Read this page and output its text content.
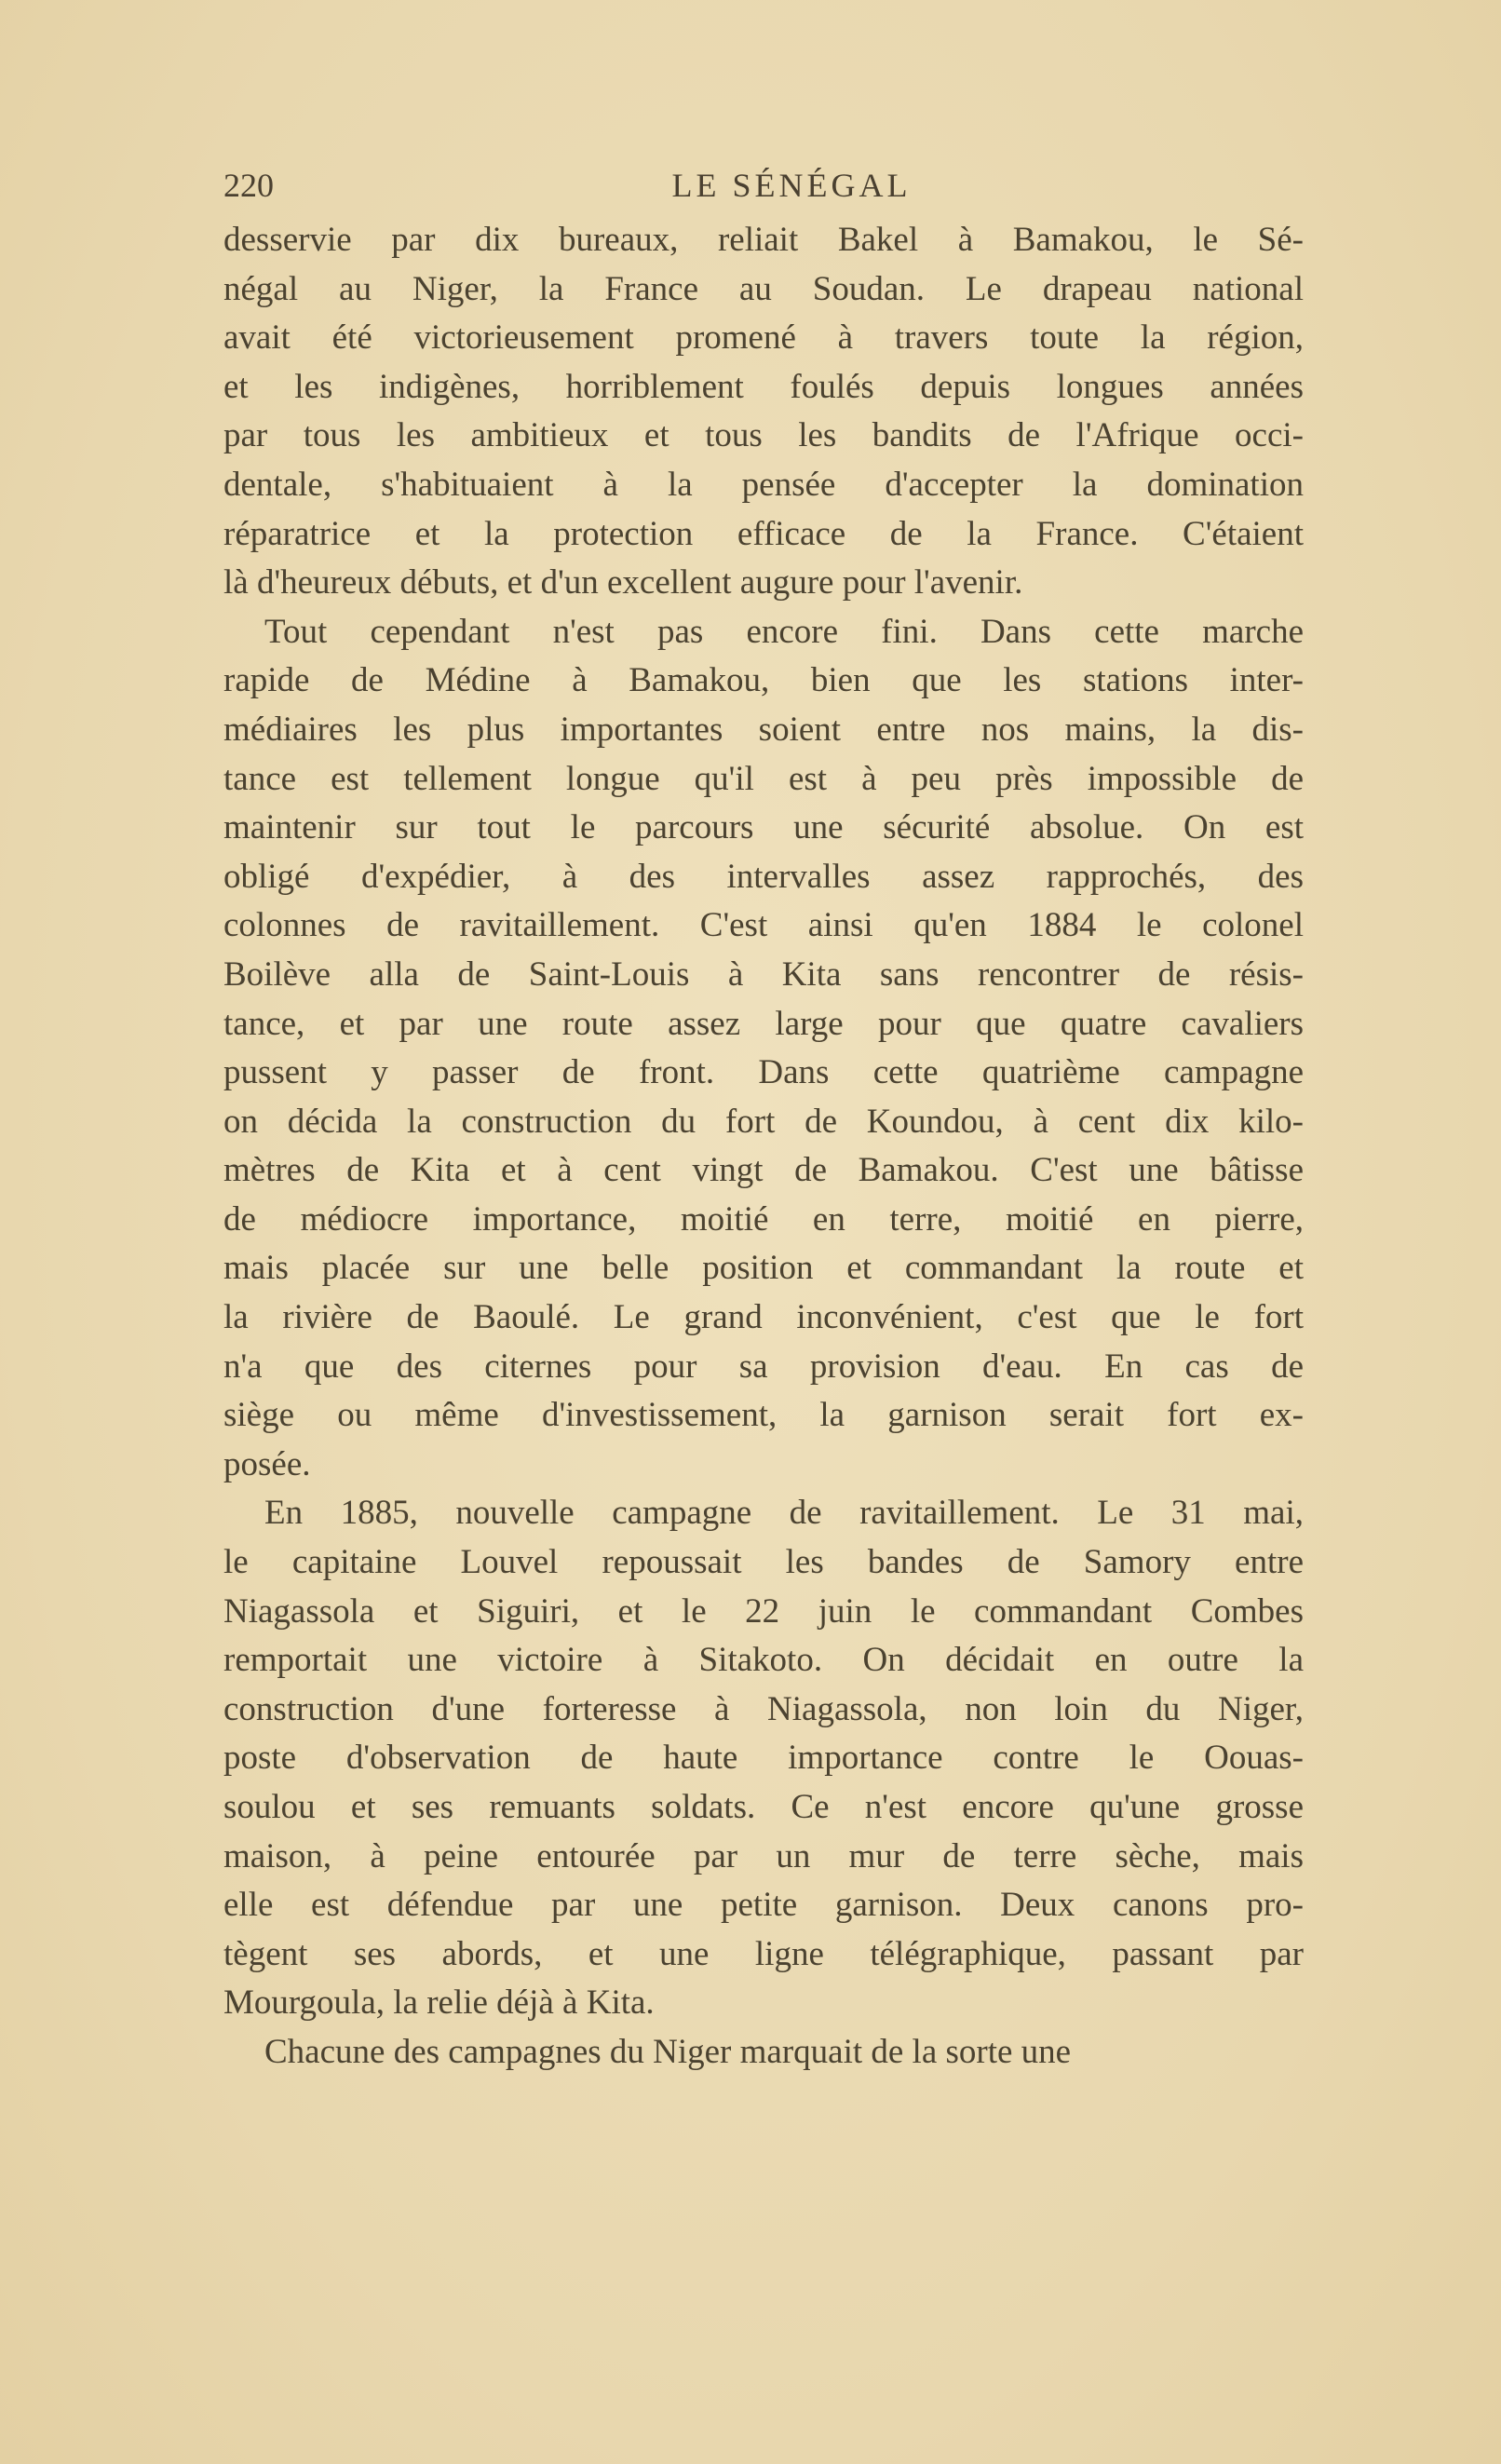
220	LE SÉNÉGAL
desservie par dix bureaux, reliait Bakel à Bamakou, le Sé-
négal au Niger, la France au Soudan. Le drapeau national
avait été victorieusement promené à travers toute la région,
et les indigènes, horriblement foulés depuis longues années
par tous les ambitieux et tous les bandits de l'Afrique occi-
dentale, s'habituaient à la pensée d'accepter la domination
réparatrice et la protection efficace de la France. C'étaient
là d'heureux débuts, et d'un excellent augure pour l'avenir.
Tout cependant n'est pas encore fini. Dans cette marche
rapide de Médine à Bamakou, bien que les stations inter-
médiaires les plus importantes soient entre nos mains, la dis-
tance est tellement longue qu'il est à peu près impossible de
maintenir sur tout le parcours une sécurité absolue. On est
obligé d'expédier, à des intervalles assez rapprochés, des
colonnes de ravitaillement. C'est ainsi qu'en 1884 le colonel
Boilève alla de Saint-Louis à Kita sans rencontrer de résis-
tance, et par une route assez large pour que quatre cavaliers
pussent y passer de front. Dans cette quatrième campagne
on décida la construction du fort de Koundou, à cent dix kilo-
mètres de Kita et à cent vingt de Bamakou. C'est une bâtisse
de médiocre importance, moitié en terre, moitié en pierre,
mais placée sur une belle position et commandant la route et
la rivière de Baoulé. Le grand inconvénient, c'est que le fort
n'a que des citernes pour sa provision d'eau. En cas de
siège ou même d'investissement, la garnison serait fort ex-
posée.
En 1885, nouvelle campagne de ravitaillement. Le 31 mai,
le capitaine Louvel repoussait les bandes de Samory entre
Niagassola et Siguiri, et le 22 juin le commandant Combes
remportait une victoire à Sitakoto. On décidait en outre la
construction d'une forteresse à Niagassola, non loin du Niger,
poste d'observation de haute importance contre le Oouas-
soulou et ses remuants soldats. Ce n'est encore qu'une grosse
maison, à peine entourée par un mur de terre sèche, mais
elle est défendue par une petite garnison. Deux canons pro-
tègent ses abords, et une ligne télégraphique, passant par
Mourgoula, la relie déjà à Kita.
Chacune des campagnes du Niger marquait de la sorte une
